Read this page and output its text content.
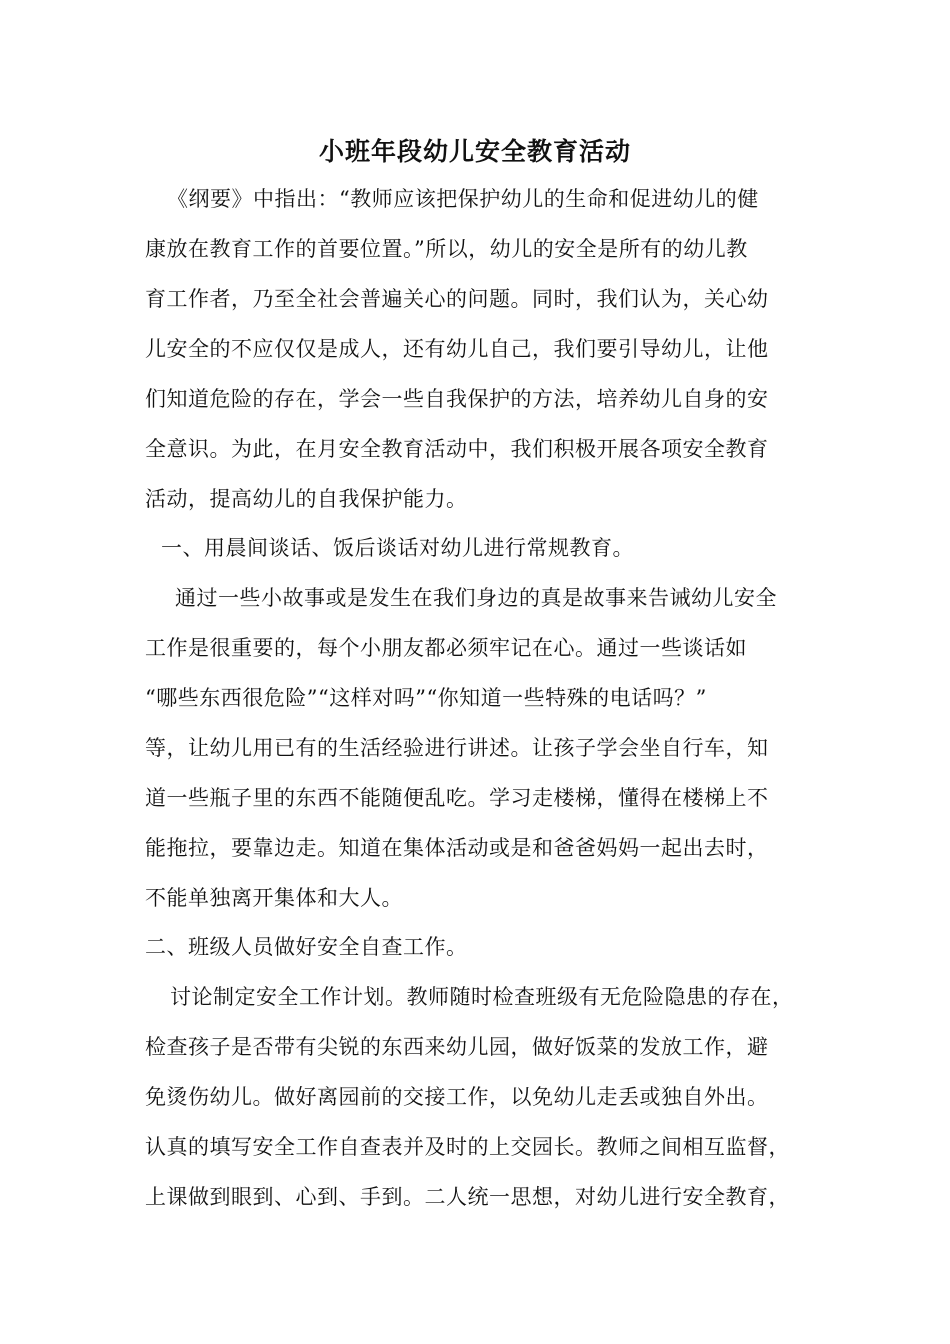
小班年段幼儿安全教育活动
《纲要》中指出：“教师应该把保护幼儿的生命和促进幼儿的健
康放在教育工作的首要位置。”所以，幼儿的安全是所有的幼儿教
育工作者，乃至全社会普遍关心的问题。同时，我们认为，关心幼
儿安全的不应仅仅是成人，还有幼儿自己，我们要引导幼儿，让他
们知道危险的存在，学会一些自我保护的方法，培养幼儿自身的安
全意识。为此，在月安全教育活动中，我们积极开展各项安全教育
活动，提高幼儿的自我保护能力。
一、用晨间谈话、饭后谈话对幼儿进行常规教育。
通过一些小故事或是发生在我们身边的真是故事来告诫幼儿安全
工作是很重要的，每个小朋友都必须牢记在心。通过一些谈话如
“哪些东西很危险”“这样对吗”“你知道一些特殊的电话吗？”
等，让幼儿用已有的生活经验进行讲述。让孩子学会坐自行车，知
道一些瓶子里的东西不能随便乱吃。学习走楼梯，懂得在楼梯上不
能拖拉，要靠边走。知道在集体活动或是和爸爸妈妈一起出去时，
不能单独离开集体和大人。
二、班级人员做好安全自查工作。
讨论制定安全工作计划。教师随时检查班级有无危险隐患的存在，
检查孩子是否带有尖锐的东西来幼儿园，做好饭菜的发放工作，避
免烫伤幼儿。做好离园前的交接工作，以免幼儿走丢或独自外出。
认真的填写安全工作自查表并及时的上交园长。教师之间相互监督，
上课做到眼到、心到、手到。二人统一思想，对幼儿进行安全教育，
